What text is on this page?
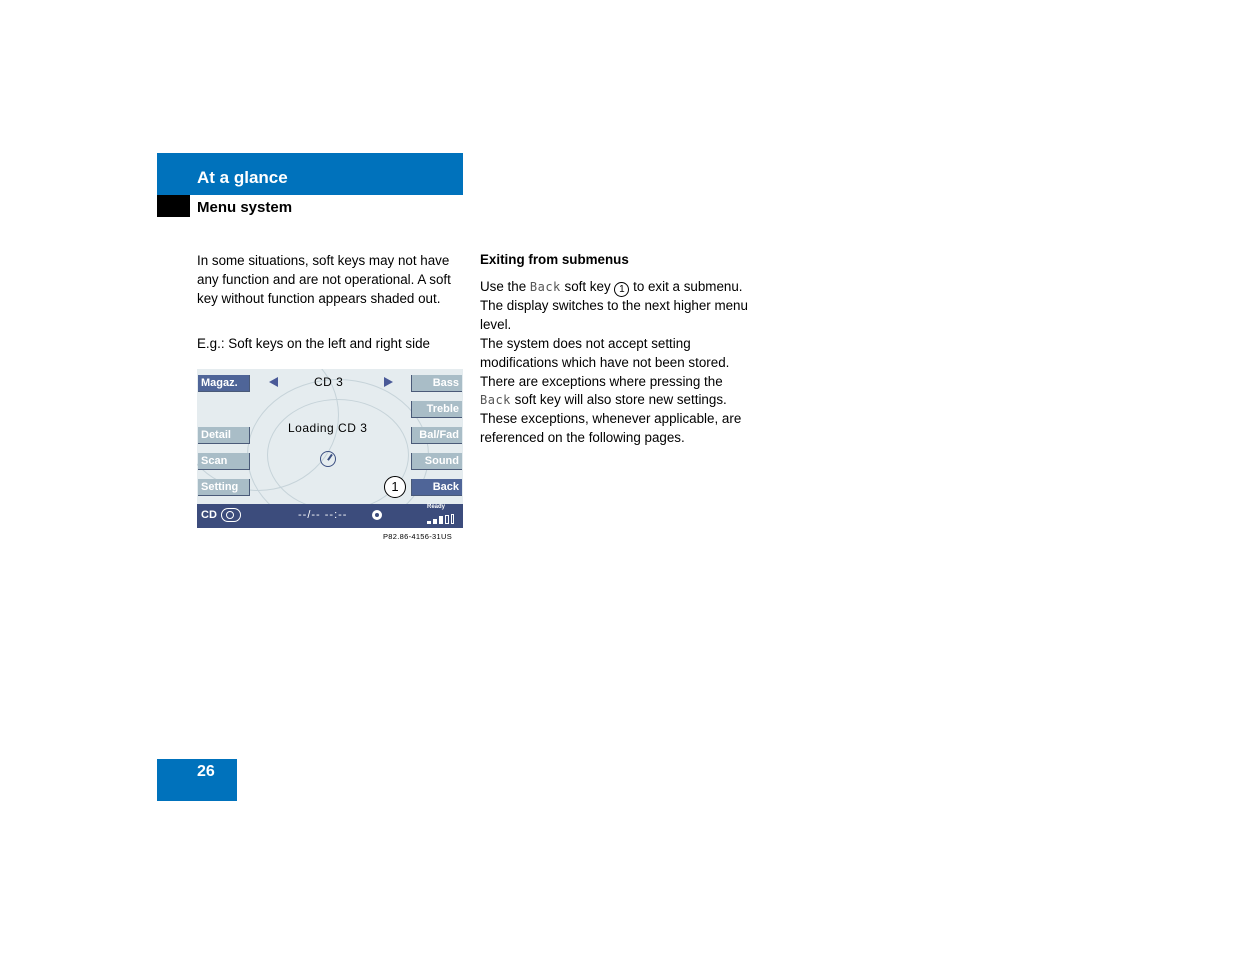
At a glance
Menu system
In some situations, soft keys may not have any function and are not operational. A soft key without function appears shaded out.
E.g.: Soft keys on the left and right side
Magaz.
Detail
Scan
Setting
Bass
Treble
Bal/Fad
Sound
Back
CD 3
Loading CD 3
1
CD	--/-- --:--
Ready
P82.86-4156-31US
Exiting from submenus
Use the Back soft key 1 to exit a submenu. The display switches to the next higher menu level.
The system does not accept setting modifications which have not been stored. There are exceptions where pressing the Back soft key will also store new settings. These exceptions, whenever applicable, are referenced on the following pages.
26
